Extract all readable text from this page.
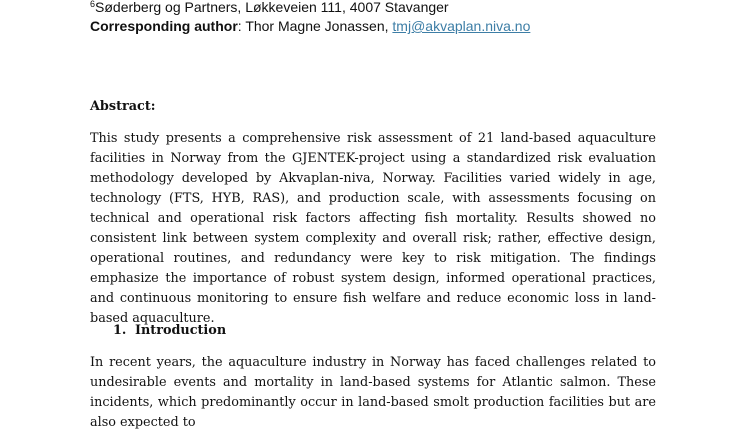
$^6$Søderberg og Partners, Løkkeveien 111, 4007 Stavanger
Corresponding author: Thor Magne Jonassen, tmj@akvaplan.niva.no
Abstract:
This study presents a comprehensive risk assessment of 21 land-based aquaculture facilities in Norway from the GJENTEK-project using a standardized risk evaluation methodology developed by Akvaplan-niva, Norway. Facilities varied widely in age, technology (FTS, HYB, RAS), and production scale, with assessments focusing on technical and operational risk factors affecting fish mortality. Results showed no consistent link between system complexity and overall risk; rather, effective design, operational routines, and redundancy were key to risk mitigation. The findings emphasize the importance of robust system design, informed operational practices, and continuous monitoring to ensure fish welfare and reduce economic loss in land-based aquaculture.
1. Introduction
In recent years, the aquaculture industry in Norway has faced challenges related to undesirable events and mortality in land-based systems for Atlantic salmon. These incidents, which predominantly occur in land-based smolt production facilities but are also expected to
